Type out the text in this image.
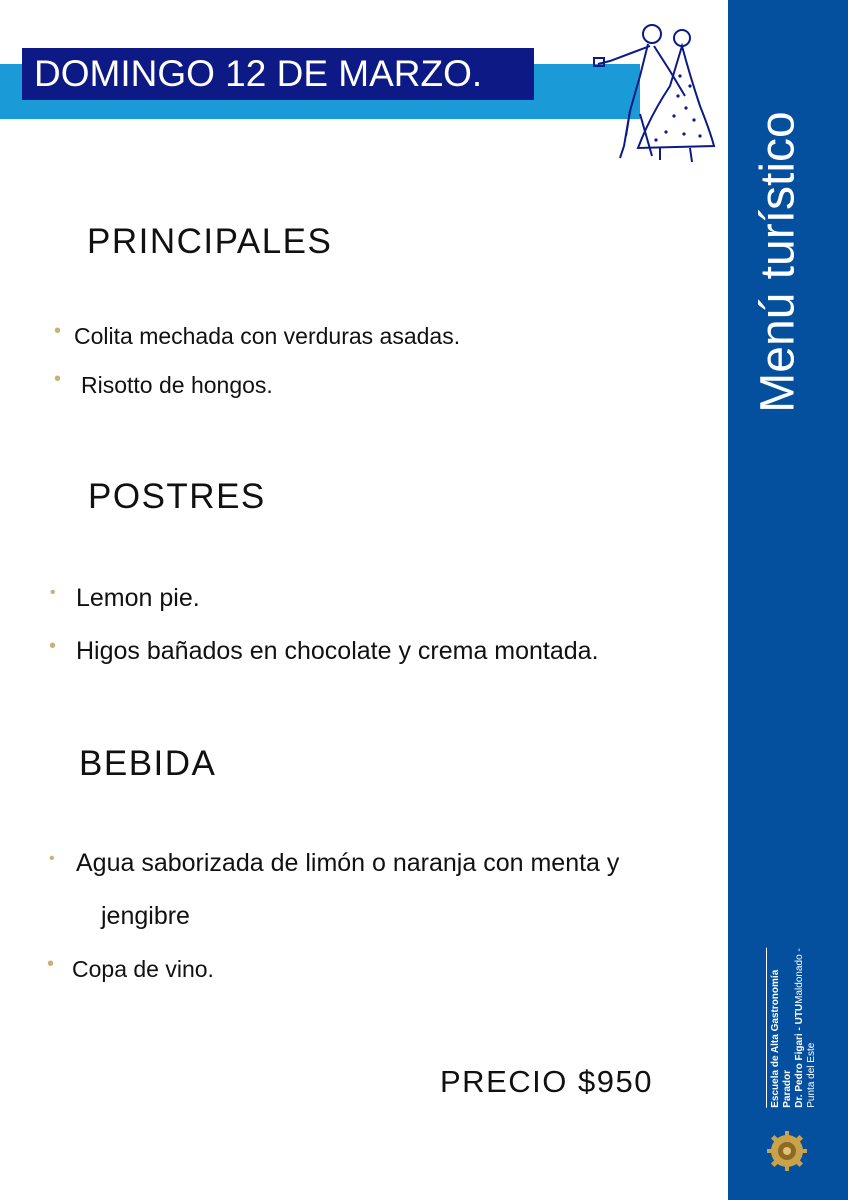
DOMINGO 12 DE MARZO.
Menú turístico
Escuela de Alta Gastronomía Parador Dr. Pedro Figari - UTUMaldonado -
Punta del Este
PRINCIPALES
• Colita mechada con verduras asadas.
• Risotto de hongos.
POSTRES
• Lemon pie.
• Higos bañados en chocolate y crema montada.
BEBIDA
• Agua saborizada de limón o naranja con menta y
jengibre
• Copa de vino.
PRECIO $950
